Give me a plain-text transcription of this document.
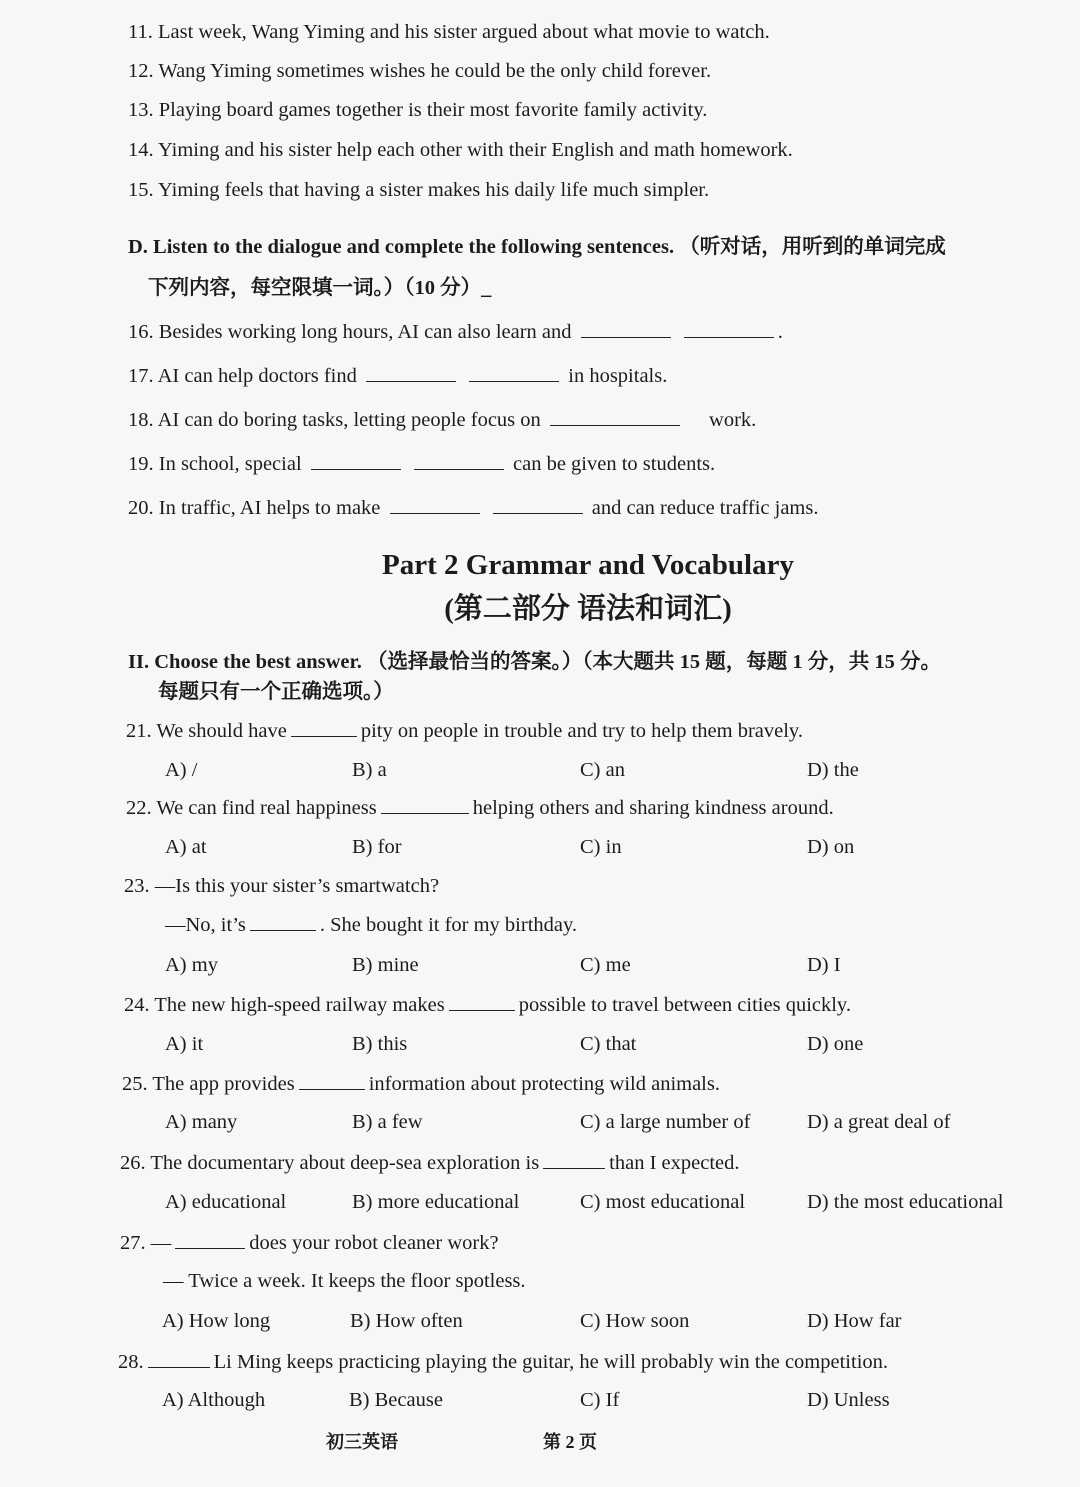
11. Last week, Wang Yiming and his sister argued about what movie to watch.
12. Wang Yiming sometimes wishes he could be the only child forever.
13. Playing board games together is their most favorite family activity.
14. Yiming and his sister help each other with their English and math homework.
15. Yiming feels that having a sister makes his daily life much simpler.
D. Listen to the dialogue and complete the following sentences. （听对话，用听到的单词完成
下列内容，每空限填一词。）（10 分）_
16. Besides working long hours, AI can also learn and	.
17. AI can help doctors find	in hospitals.
18. AI can do boring tasks, letting people focus on	work.
19. In school, special	can be given to students.
20. In traffic, AI helps to make	and can reduce traffic jams.
Part 2 Grammar and Vocabulary
(第二部分 语法和词汇)
II. Choose the best answer. （选择最恰当的答案。）（本大题共 15 题，每题 1 分，共 15 分。
每题只有一个正确选项。）
21. We should have	pity on people in trouble and try to help them bravely.
A) /	B) a	C) an	D) the
22. We can find real happiness	helping others and sharing kindness around.
A) at	B) for	C) in	D) on
23. —Is this your sister’s smartwatch?
—No, it’s	. She bought it for my birthday.
A) my	B) mine	C) me	D) I
24. The new high-speed railway makes	possible to travel between cities quickly.
A) it	B) this	C) that	D) one
25. The app provides	information about protecting wild animals.
A) many	B) a few	C) a large number of	D) a great deal of
26. The documentary about deep-sea exploration is	than I expected.
A) educational	B) more educational	C) most educational	D) the most educational
27. —	does your robot cleaner work?
— Twice a week. It keeps the floor spotless.
A) How long	B) How often	C) How soon	D) How far
28.	Li Ming keeps practicing playing the guitar, he will probably win the competition.
A) Although	B) Because	C) If	D) Unless
初三英语	第 2 页
